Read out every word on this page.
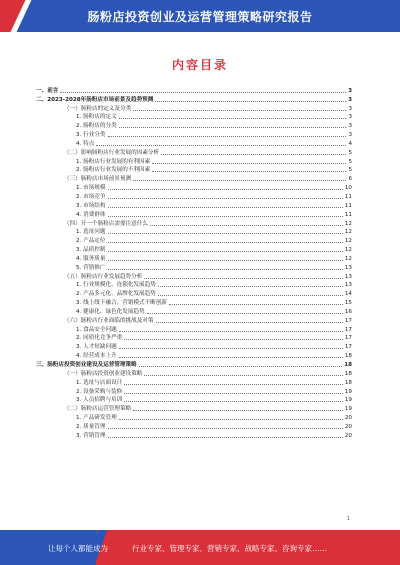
肠粉店投资创业及运营管理策略研究报告
内容目录
一、前言	3
二、2023-2028年肠粉店市场前景及趋势预测	3
（一）肠粉店的定义及分类	3
1. 肠粉店的定义	3
2. 肠粉店的分类	3
3. 行业分类	3
4. 特点	4
（二）影响肠粉店行业发展的因素分析	5
1. 肠粉店行业发展的有利因素	5
2. 肠粉店行业发展的不利因素	5
（三）肠粉店市场前景预测	6
1. 市场规模	10
2. 市场竞争	11
3. 市场结构	11
4. 消费群体	11
（四）开一个肠粉店需要注意什么	12
1. 选址问题	12
2. 产品定位	12
3. 品质控制	12
4. 服务质量	12
5. 营销推广	13
（五）肠粉店行业发展趋势分析	13
1. 行业规模化、连锁化发展趋势	13
2. 产品多元化、品牌化发展趋势	14
3. 线上线下融合，营销模式不断创新	15
4. 健康化、绿色化发展趋势	16
（六）肠粉店行业面临的挑战及对策	17
1. 食品安全问题	17
2. 同质化竞争严重	17
3. 人才短缺问题	17
4. 经营成本上升	18
三、肠粉店投资创业建设及运营管理策略	18
（一）肠粉店投资创业建设策略	18
1. 选址与店面设计	18
2. 设备采购与装修	19
3. 人员招聘与培训	19
（二）肠粉店运营管理策略	19
1. 产品研发管理	20
2. 质量管理	20
3. 营销管理	20
1
让每个人都能成为	行业专家、管理专家、营销专家、战略专家、咨询专家……
